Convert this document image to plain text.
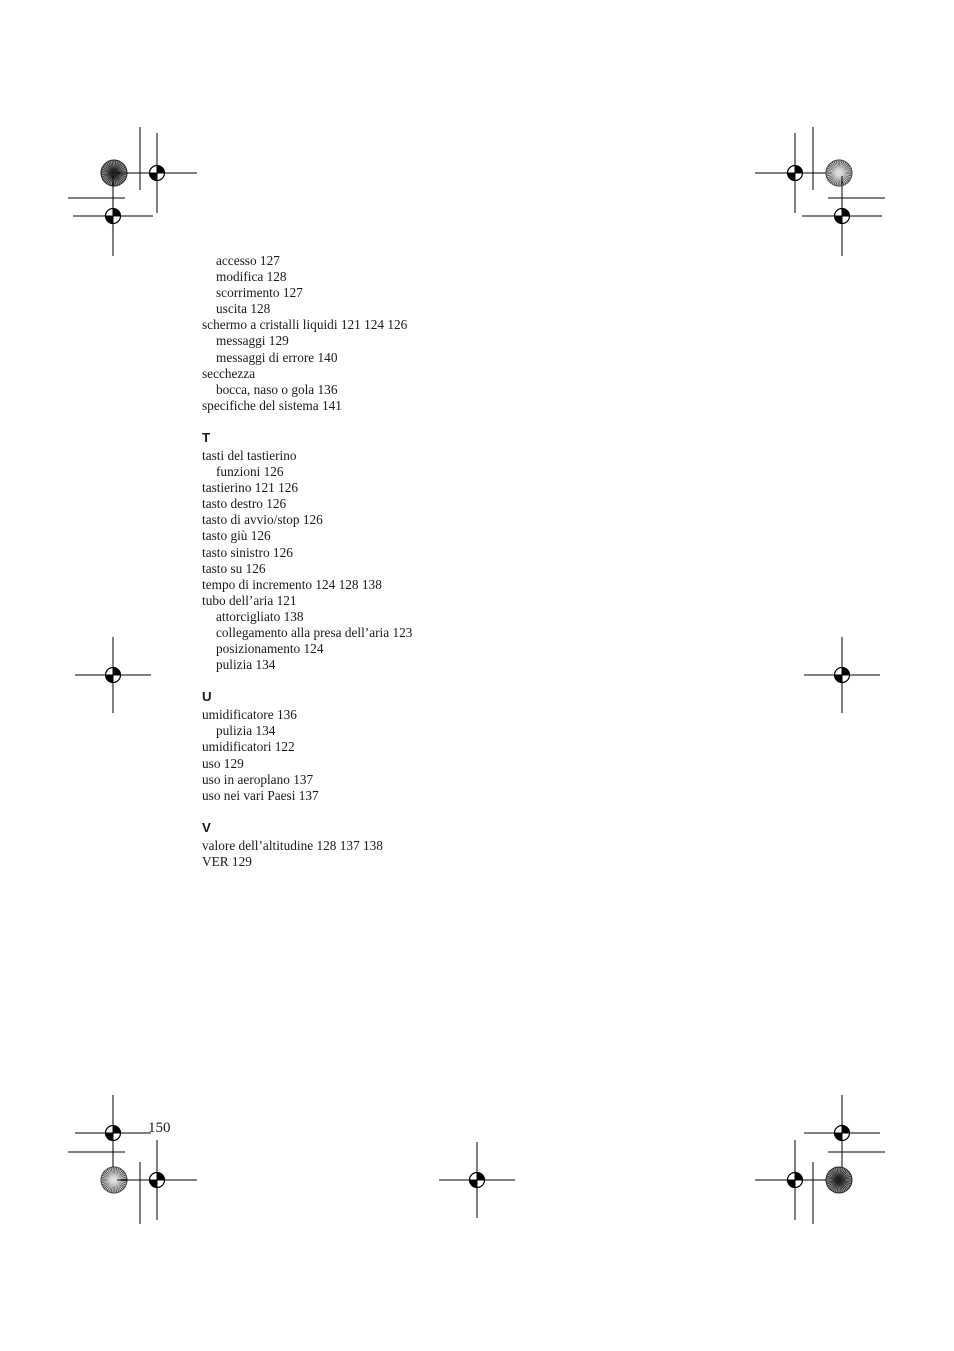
accesso 127
modifica 128
scorrimento 127
uscita 128
schermo a cristalli liquidi 121 124 126
messaggi 129
messaggi di errore 140
secchezza
bocca, naso o gola 136
specifiche del sistema 141
T
tasti del tastierino
funzioni 126
tastierino 121 126
tasto destro 126
tasto di avvio/stop 126
tasto giù 126
tasto sinistro 126
tasto su 126
tempo di incremento 124 128 138
tubo dell’aria 121
attorcigliato 138
collegamento alla presa dell’aria 123
posizionamento 124
pulizia 134
U
umidificatore 136
pulizia 134
umidificatori 122
uso 129
uso in aeroplano 137
uso nei vari Paesi 137
V
valore dell’altitudine 128 137 138
VER 129
150
